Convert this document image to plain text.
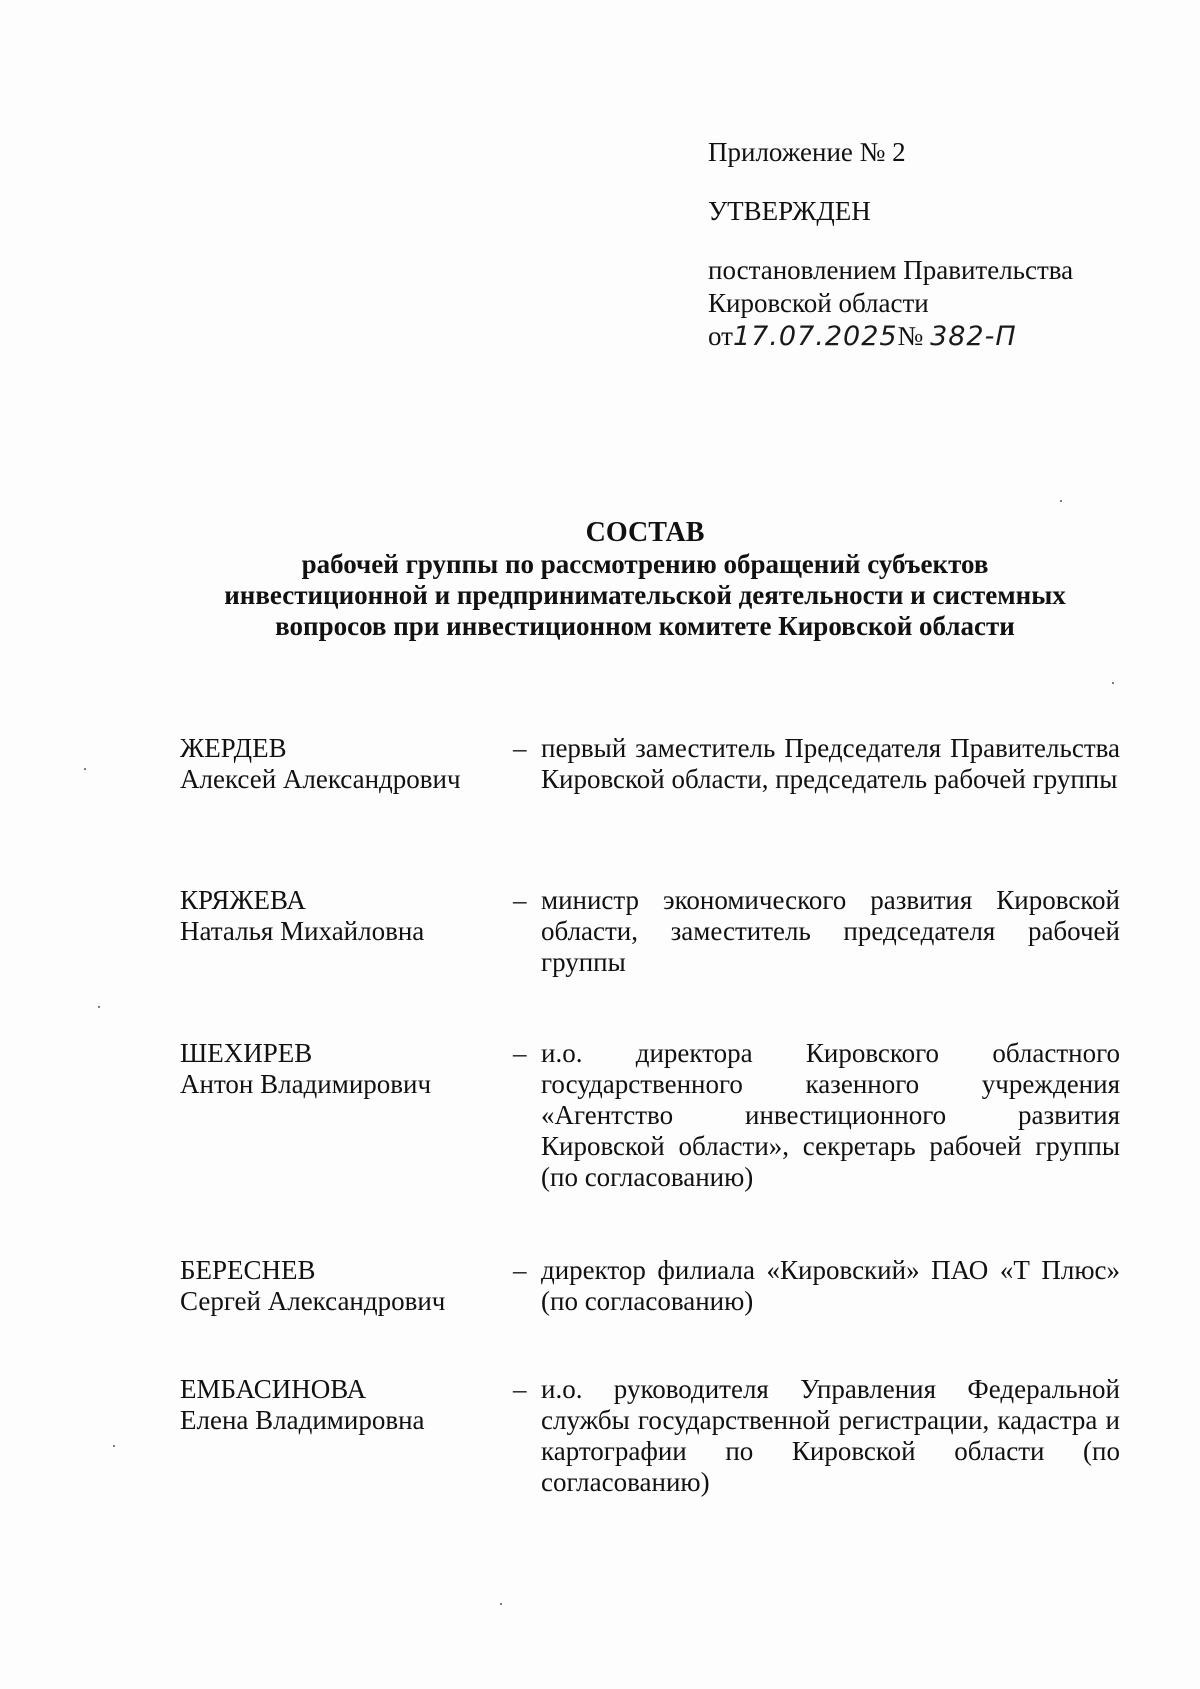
Приложение № 2

УТВЕРЖДЕН

постановлением Правительства

Кировской области

от17.07.2025№ 382-П

СОСТАВ

рабочей группы по рассмотрению обращений субъектов

инвестиционной и предпринимательской деятельности и системных

вопросов при инвестиционном комитете Кировской области

ЖЕРДЕВ

Алексей Александрович

– первый заместитель Председателя Правительства Кировской области, председатель рабочей группы

КРЯЖЕВА

Наталья Михайловна

– министр экономического развития Кировской области, заместитель председателя рабочей группы

ШЕХИРЕВ

Антон Владимирович

– и.о. директора Кировского областного государственного казенного учреждения «Агентство инвестиционного развития Кировской области», секретарь рабочей группы (по согласованию)

БЕРЕСНЕВ

Сергей Александрович

– директор филиала «Кировский» ПАО «Т Плюс» (по согласованию)

ЕМБАСИНОВА

Елена Владимировна

– и.о. руководителя Управления Федеральной службы государственной регистрации, кадастра и картографии по Кировской области (по согласованию)
